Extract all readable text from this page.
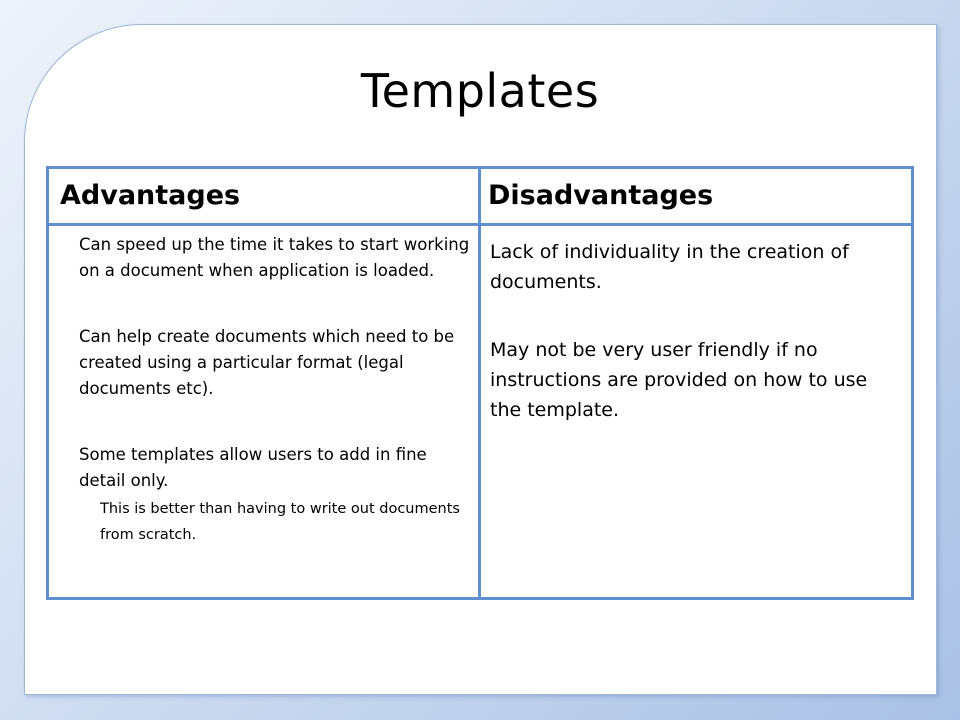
Templates
Advantages	Disadvantages
Can speed up the time it takes to start working on a document when application is loaded.
Can help create documents which need to be created using a particular format (legal documents etc).
Some templates allow users to add in fine detail only.
This is better than having to write out documents from scratch.
Lack of individuality in the creation of documents.
May not be very user friendly if no instructions are provided on how to use the template.
